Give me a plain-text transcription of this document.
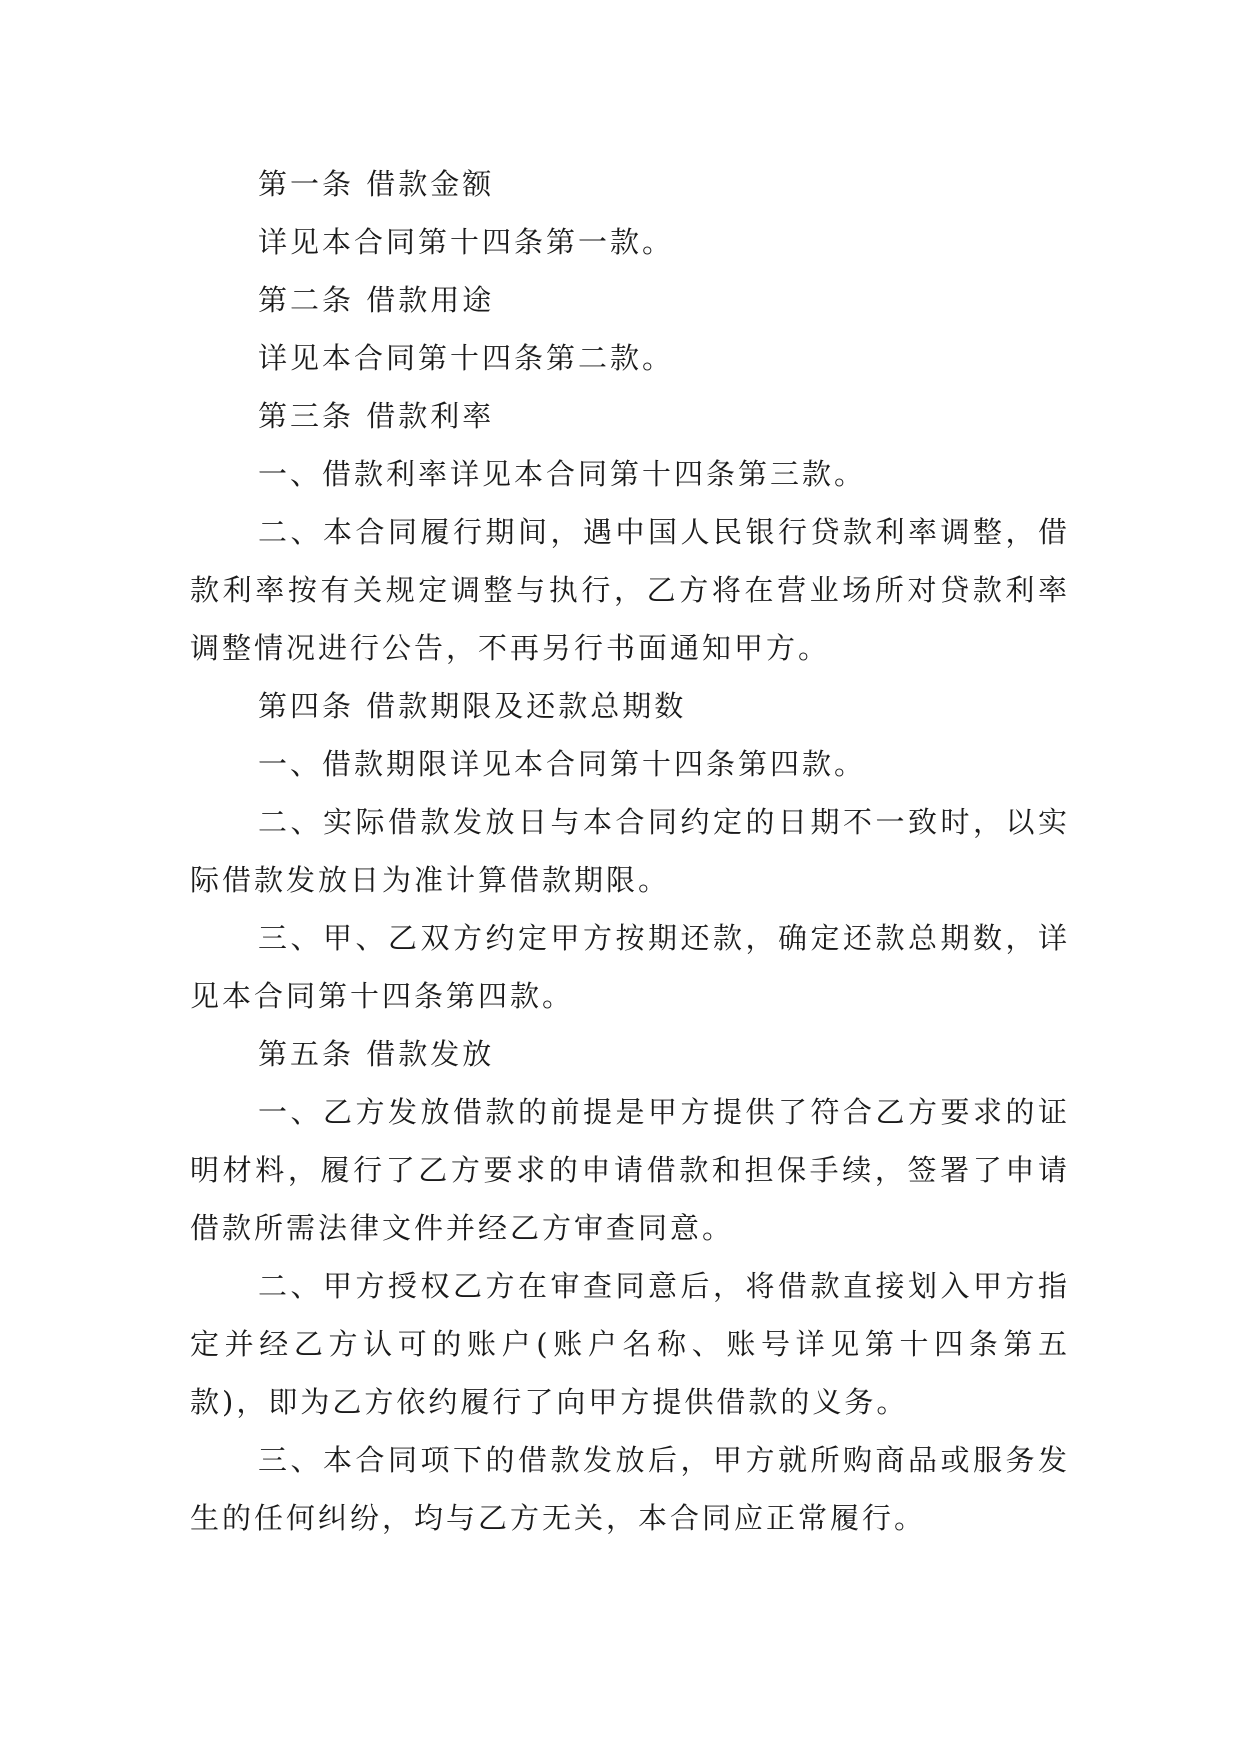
第一条 借款金额

详见本合同第十四条第一款。

第二条 借款用途

详见本合同第十四条第二款。

第三条 借款利率

一、借款利率详见本合同第十四条第三款。

二、本合同履行期间，遇中国人民银行贷款利率调整，借款利率按有关规定调整与执行，乙方将在营业场所对贷款利率调整情况进行公告，不再另行书面通知甲方。

第四条 借款期限及还款总期数

一、借款期限详见本合同第十四条第四款。

二、实际借款发放日与本合同约定的日期不一致时，以实际借款发放日为准计算借款期限。

三、甲、乙双方约定甲方按期还款，确定还款总期数，详见本合同第十四条第四款。

第五条 借款发放

一、乙方发放借款的前提是甲方提供了符合乙方要求的证明材料，履行了乙方要求的申请借款和担保手续，签署了申请借款所需法律文件并经乙方审查同意。

二、甲方授权乙方在审查同意后，将借款直接划入甲方指定并经乙方认可的账户(账户名称、账号详见第十四条第五款)，即为乙方依约履行了向甲方提供借款的义务。

三、本合同项下的借款发放后，甲方就所购商品或服务发生的任何纠纷，均与乙方无关，本合同应正常履行。
